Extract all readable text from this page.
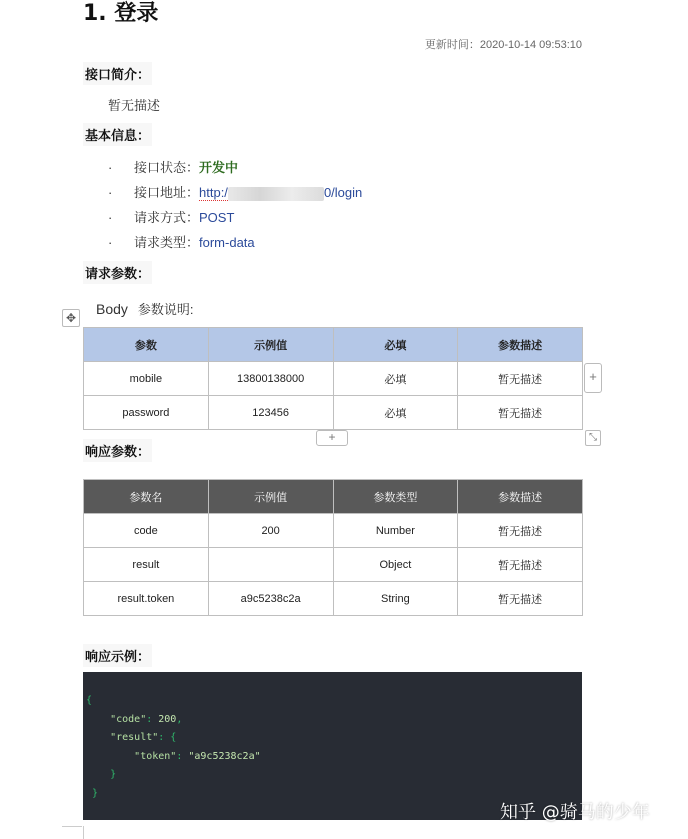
1. 登录
更新时间：2020-10-14 09:53:10
接口简介：
暂无描述
基本信息：
· 接口状态：开发中
· 接口地址：http:/	0/login
· 请求方式：POST
· 请求类型：form-data
请求参数：
✥
Body 参数说明:
参数	示例值	必填	参数描述
mobile	13800138000	必填	暂无描述
password	123456	必填	暂无描述
+
+	⤡
响应参数：
参数名	示例值	参数类型	参数描述
code	200	Number	暂无描述
result		Object	暂无描述
result.token	a9c5238c2a	String	暂无描述
响应示例：
{
"code": 200,
"result": {
"token": "a9c5238c2a"
}
}
知乎 @骑马的少年
